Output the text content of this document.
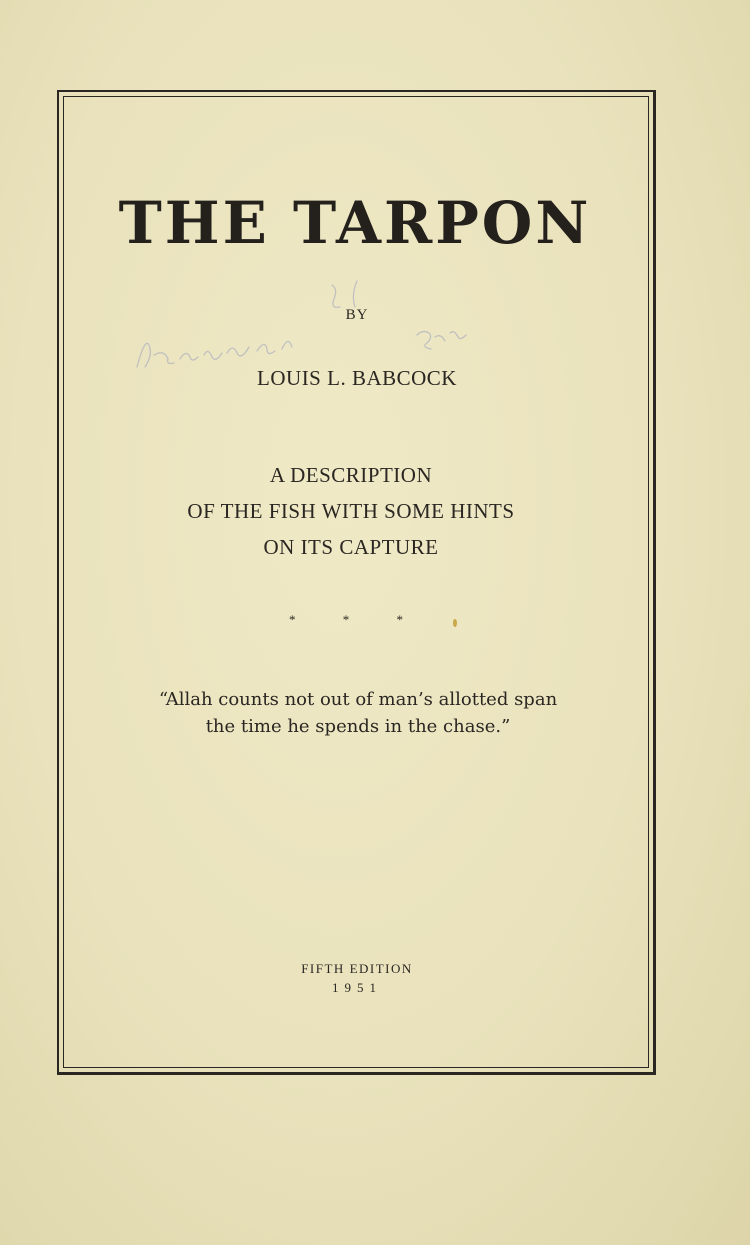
THE TARPON
BY
LOUIS L. BABCOCK
A DESCRIPTION
OF THE FISH WITH SOME HINTS
ON ITS CAPTURE
* * *
“Allah counts not out of man’s allotted span
the time he spends in the chase.”
FIFTH EDITION
1951
